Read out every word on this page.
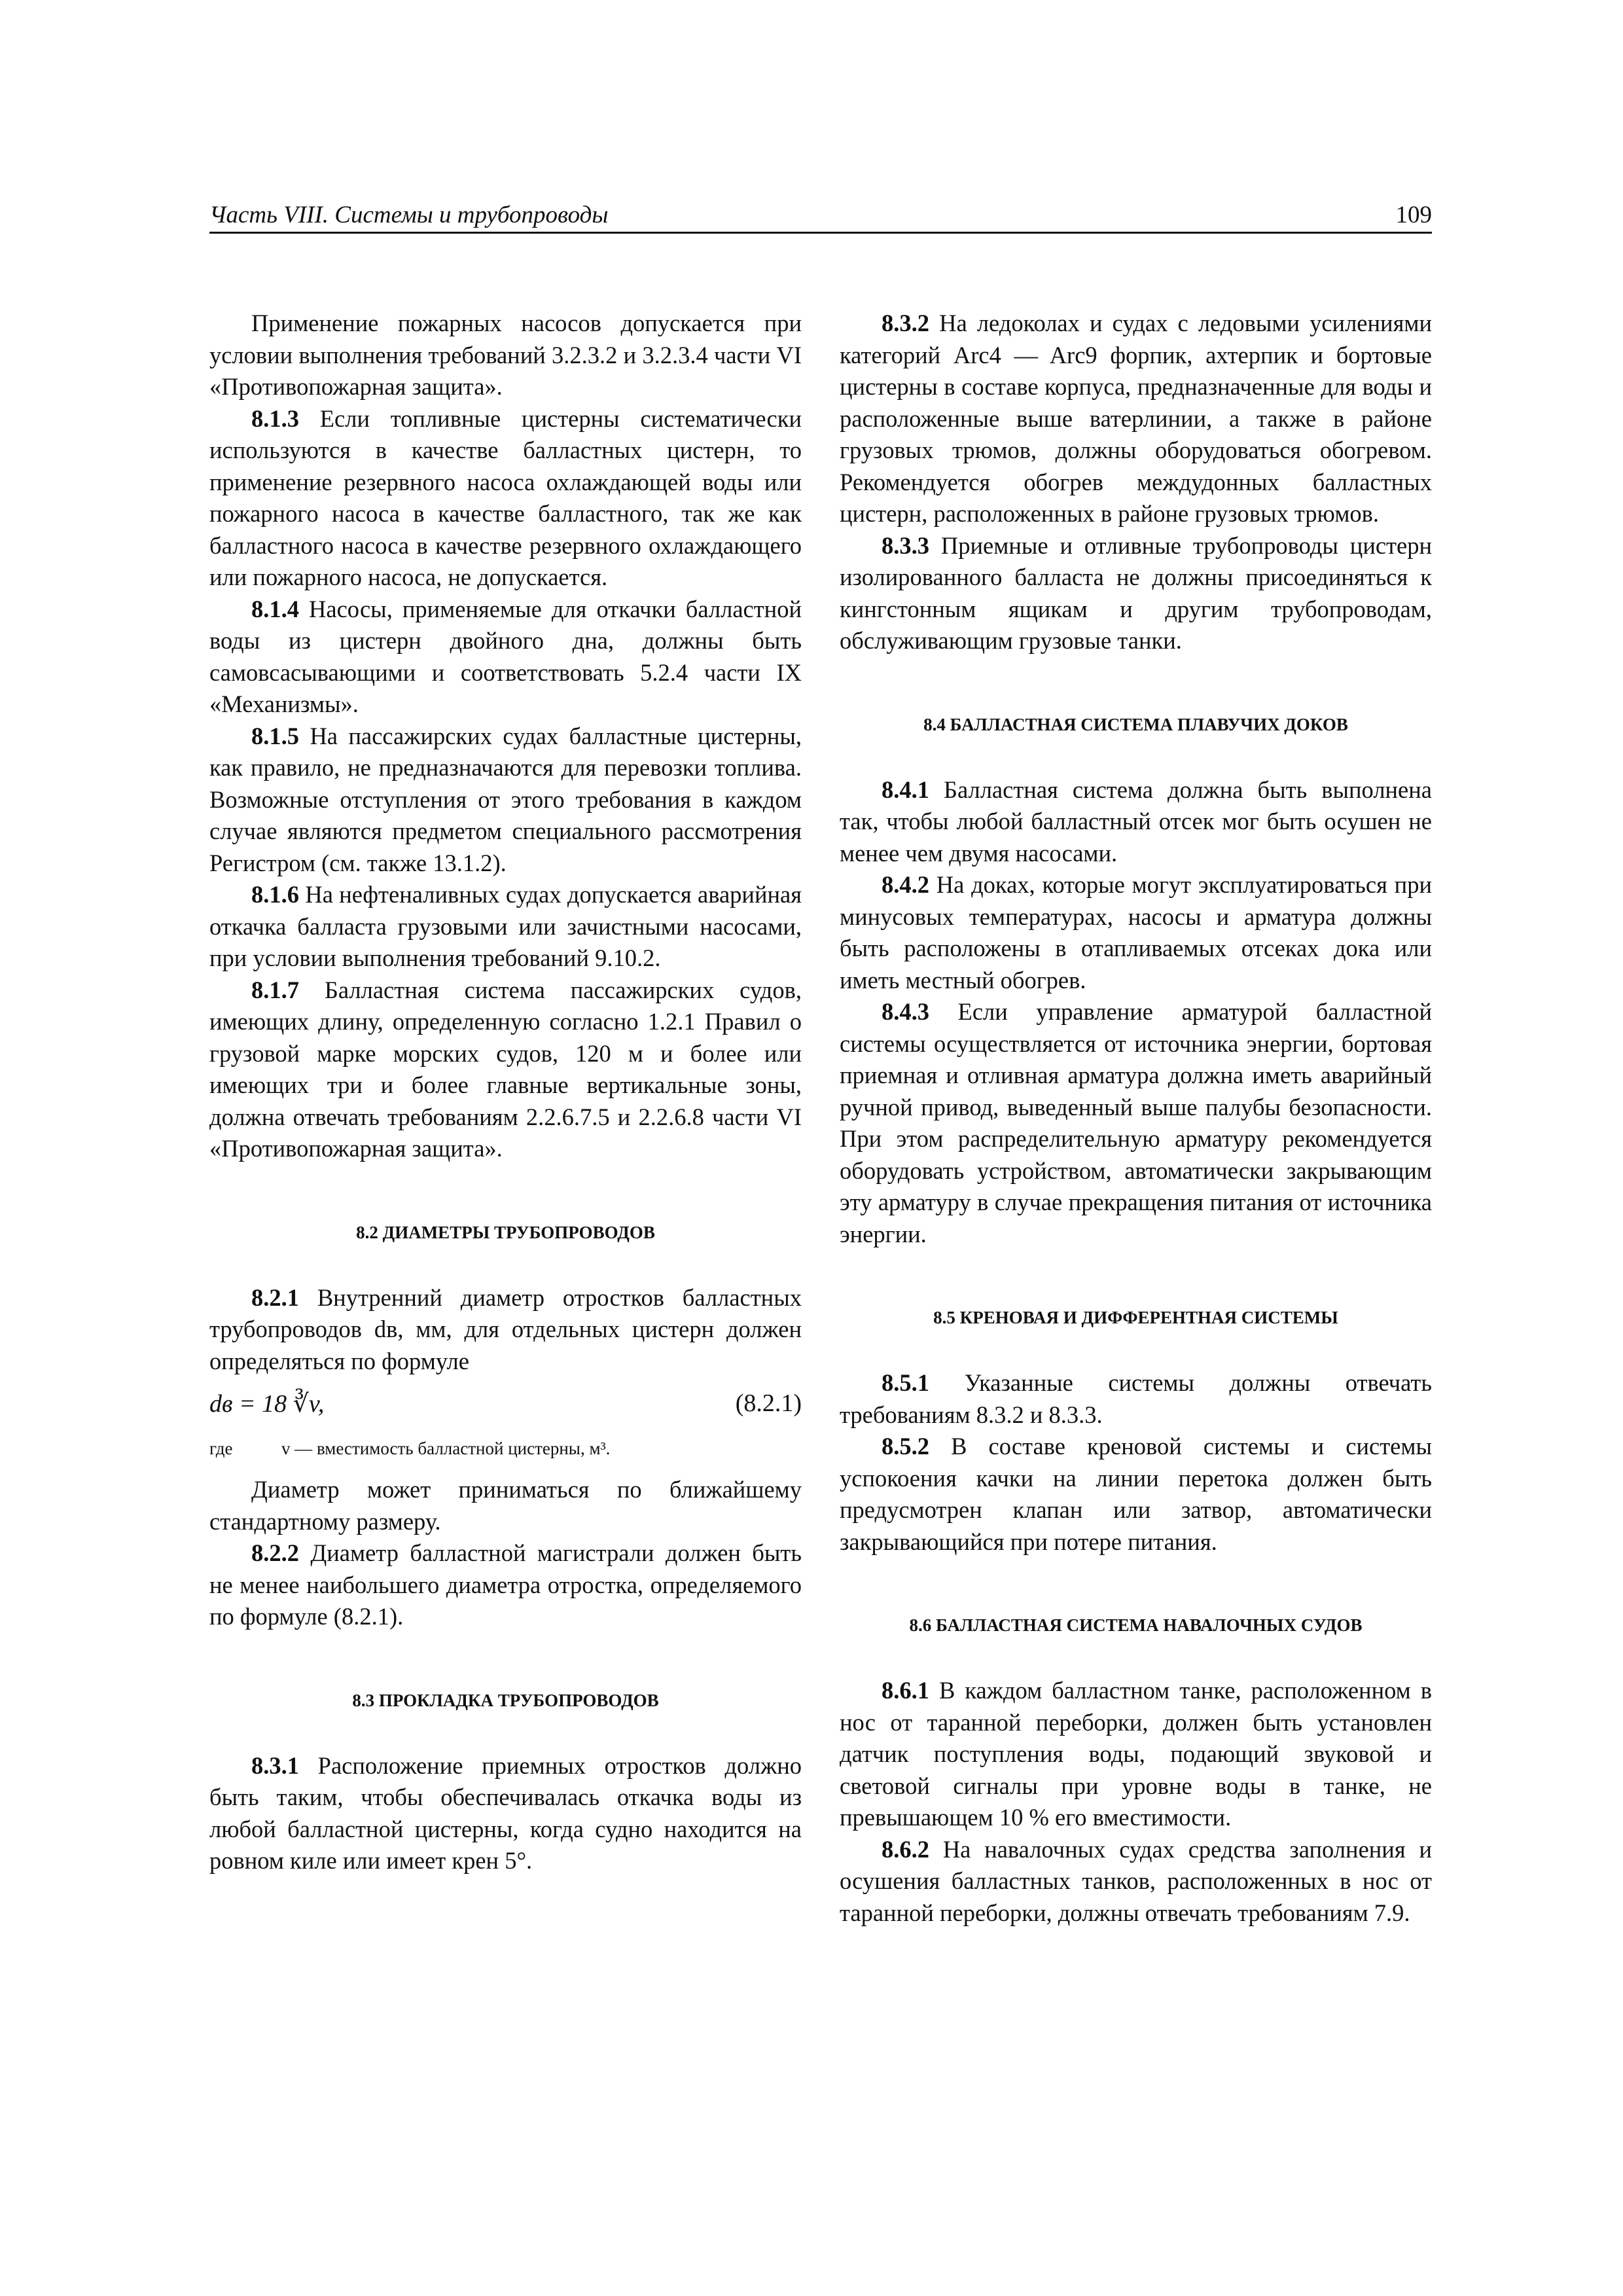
Часть VIII. Системы и трубопроводы	109

Применение пожарных насосов допускается при условии выполнения требований 3.2.3.2 и 3.2.3.4 части VI «Противопожарная защита».

8.1.3 Если топливные цистерны систематически используются в качестве балластных цистерн, то применение резервного насоса охлаждающей воды или пожарного насоса в качестве балластного, так же как балластного насоса в качестве резервного охлаждающего или пожарного насоса, не допускается.

8.1.4 Насосы, применяемые для откачки балластной воды из цистерн двойного дна, должны быть самовсасывающими и соответствовать 5.2.4 части IX «Механизмы».

8.1.5 На пассажирских судах балластные цистерны, как правило, не предназначаются для перевозки топлива. Возможные отступления от этого требования в каждом случае являются предметом специального рассмотрения Регистром (см. также 13.1.2).

8.1.6 На нефтеналивных судах допускается аварийная откачка балласта грузовыми или зачистными насосами, при условии выполнения требований 9.10.2.

8.1.7 Балластная система пассажирских судов, имеющих длину, определенную согласно 1.2.1 Правил о грузовой марке морских судов, 120 м и более или имеющих три и более главные вертикальные зоны, должна отвечать требованиям 2.2.6.7.5 и 2.2.6.8 части VI «Противопожарная защита».

8.2 ДИАМЕТРЫ ТРУБОПРОВОДОВ

8.2.1 Внутренний диаметр отростков балластных трубопроводов dв, мм, для отдельных цистерн должен определяться по формуле

dв = 18 ∛v,	(8.2.1)
где	v — вместимость балластной цистерны, м³.

Диаметр может приниматься по ближайшему стандартному размеру.

8.2.2 Диаметр балластной магистрали должен быть не менее наибольшего диаметра отростка, определяемого по формуле (8.2.1).

8.3 ПРОКЛАДКА ТРУБОПРОВОДОВ

8.3.1 Расположение приемных отростков должно быть таким, чтобы обеспечивалась откачка воды из любой балластной цистерны, когда судно находится на ровном киле или имеет крен 5°.

8.3.2 На ледоколах и судах с ледовыми усилениями категорий Arc4 — Arc9 форпик, ахтерпик и бортовые цистерны в составе корпуса, предназначенные для воды и расположенные выше ватерлинии, а также в районе грузовых трюмов, должны оборудоваться обогревом. Рекомендуется обогрев междудонных балластных цистерн, расположенных в районе грузовых трюмов.

8.3.3 Приемные и отливные трубопроводы цистерн изолированного балласта не должны присоединяться к кингстонным ящикам и другим трубопроводам, обслуживающим грузовые танки.

8.4 БАЛЛАСТНАЯ СИСТЕМА ПЛАВУЧИХ ДОКОВ

8.4.1 Балластная система должна быть выполнена так, чтобы любой балластный отсек мог быть осушен не менее чем двумя насосами.

8.4.2 На доках, которые могут эксплуатироваться при минусовых температурах, насосы и арматура должны быть расположены в отапливаемых отсеках дока или иметь местный обогрев.

8.4.3 Если управление арматурой балластной системы осуществляется от источника энергии, бортовая приемная и отливная арматура должна иметь аварийный ручной привод, выведенный выше палубы безопасности. При этом распределительную арматуру рекомендуется оборудовать устройством, автоматически закрывающим эту арматуру в случае прекращения питания от источника энергии.

8.5 КРЕНОВАЯ И ДИФФЕРЕНТНАЯ СИСТЕМЫ

8.5.1 Указанные системы должны отвечать требованиям 8.3.2 и 8.3.3.

8.5.2 В составе креновой системы и системы успокоения качки на линии перетока должен быть предусмотрен клапан или затвор, автоматически закрывающийся при потере питания.

8.6 БАЛЛАСТНАЯ СИСТЕМА НАВАЛОЧНЫХ СУДОВ

8.6.1 В каждом балластном танке, расположенном в нос от таранной переборки, должен быть установлен датчик поступления воды, подающий звуковой и световой сигналы при уровне воды в танке, не превышающем 10 % его вместимости.

8.6.2 На навалочных судах средства заполнения и осушения балластных танков, расположенных в нос от таранной переборки, должны отвечать требованиям 7.9.
